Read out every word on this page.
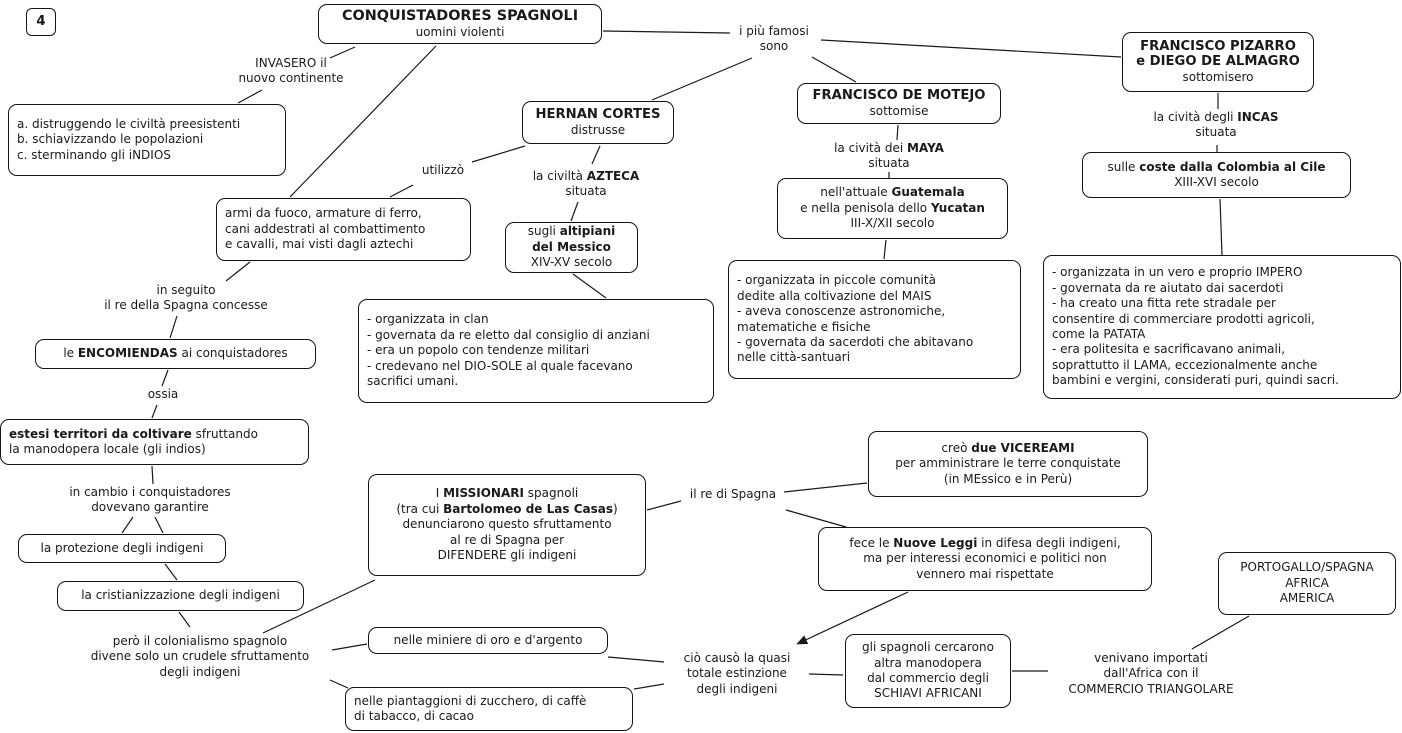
4	CONQUISTADORES SPAGNOLI
uomini violenti
a. distruggendo le civiltà preesistenti
b. schiavizzando le popolazioni
c. sterminando gli iNDIOS
HERNAN CORTES
distrusse
armi da fuoco, armature di ferro,
cani addestrati al combattimento
e cavalli, mai visti dagli aztechi
sugli altipiani
del Messico
XIV-XV secolo
FRANCISCO DE MOTEJO
sottomise
nell'attuale Guatemala
e nella penisola dello Yucatan
III-X/XII secolo
FRANCISCO PIZARRO
e DIEGO DE ALMAGRO
sottomisero
sulle coste dalla Colombia al Cile
XIII-XVI secolo
- organizzata in clan
- governata da re eletto dal consiglio di anziani
- era un popolo con tendenze militari
- credevano nel DIO-SOLE al quale facevano
sacrifici umani.
- organizzata in piccole comunità
dedite alla coltivazione del MAIS
- aveva conoscenze astronomiche,
matematiche e fisiche
- governata da sacerdoti che abitavano
nelle città-santuari
- organizzata in un vero e proprio IMPERO
- governata da re aiutato dai sacerdoti
- ha creato una fitta rete stradale per
consentire di commerciare prodotti agricoli,
come la PATATA
- era politesita e sacrificavano animali,
soprattutto il LAMA, eccezionalmente anche
bambini e vergini, considerati puri, quindi sacri.
le ENCOMIENDAS ai conquistadores
estesi territori da coltivare sfruttando
la manodopera locale (gli indios)
la protezione degli indigeni
la cristianizzazione degli indigeni
I MISSIONARI spagnoli
(tra cui Bartolomeo de Las Casas)
denunciarono questo sfruttamento
al re di Spagna per
DIFENDERE gli indigeni
creò due VICEREAMI
per amministrare le terre conquistate
(in MEssico e in Perù)
fece le Nuove Leggi in difesa degli indigeni,
ma per interessi economici e politici non
vennero mai rispettate	PORTOGALLO/SPAGNA
AFRICA
AMERICA
nelle miniere di oro e d'argento
nelle piantaggioni di zucchero, di caffè
di tabacco, di cacao
gli spagnoli cercarono
altra manodopera
dal commercio degli
SCHIAVI AFRICANI
INVASERO il
nuovo continente
i più famosi
sono
utilizzò	la civiltà AZTECA
situata
la cività dei MAYA
situata
la cività degli INCAS
situata
in seguito
il re della Spagna concesse
ossia
in cambio i conquistadores
dovevano garantire
però il colonialismo spagnolo
divene solo un crudele sfruttamento
degli indigeni
il re di Spagna
ciò causò la quasi
totale estinzione
degli indigeni
venivano importati
dall'Africa con il
COMMERCIO TRIANGOLARE
